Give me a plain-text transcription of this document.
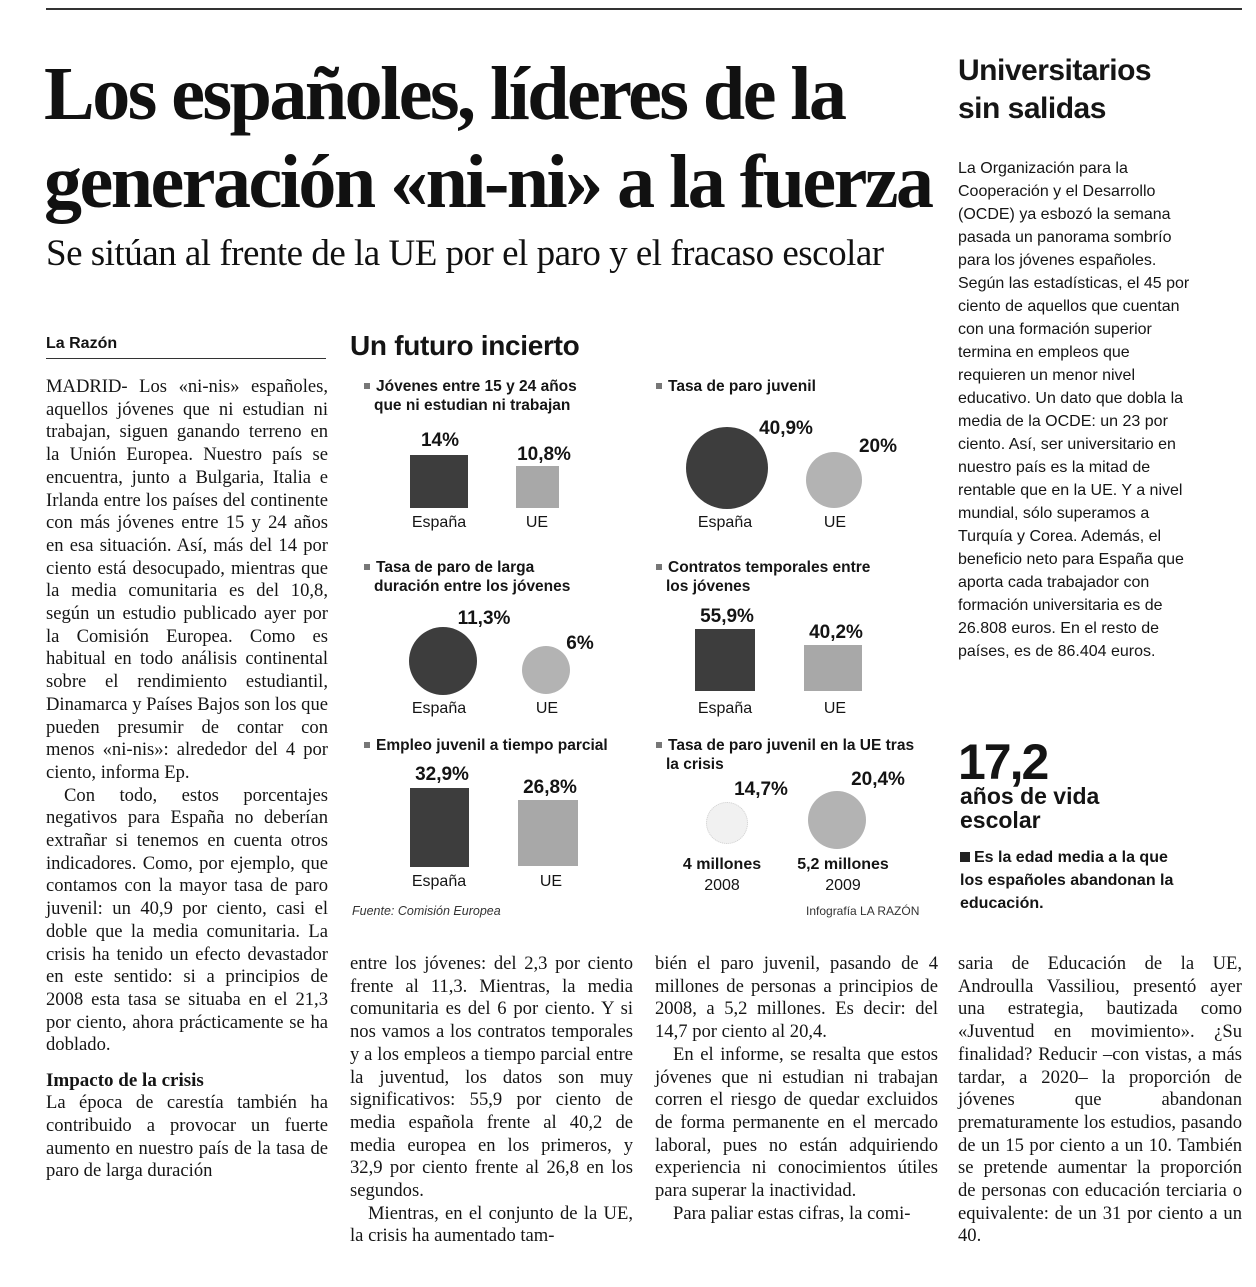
Los españoles, líderes de la
generación «ni-ni» a la fuerza
Se sitúan al frente de la UE por el paro y el fracaso escolar
La Razón

MADRID- Los «ni-nis» españoles, aquellos jóvenes que ni estudian ni trabajan, siguen ganando terreno en la Unión Europea. Nuestro país se encuentra, junto a Bulgaria, Italia e Irlanda entre los países del continente con más jóvenes entre 15 y 24 años en esa situación. Así, más del 14 por ciento está desocupado, mientras que la media comunitaria es del 10,8, según un estudio publicado ayer por la Comisión Europea. Como es habitual en todo análisis continental sobre el rendimiento estudiantil, Dinamarca y Países Bajos son los que pueden presumir de contar con menos «ni-nis»: alrededor del 4 por ciento, informa Ep.

Con todo, estos porcentajes negativos para España no deberían extrañar si tenemos en cuenta otros indicadores. Como, por ejemplo, que contamos con la mayor tasa de paro juvenil: un 40,9 por ciento, casi el doble que la media comunitaria. La crisis ha tenido un efecto devastador en este sentido: si a principios de 2008 esta tasa se situaba en el 21,3 por ciento, ahora prácticamente se ha doblado.

Impacto de la crisis

La época de carestía también ha contribuido a provocar un fuerte aumento en nuestro país de la tasa de paro de larga duración

entre los jóvenes: del 2,3 por ciento frente al 11,3. Mientras, la media comunitaria es del 6 por ciento. Y si nos vamos a los contratos temporales y a los empleos a tiempo parcial entre la juventud, los datos son muy significativos: 55,9 por ciento de media española frente al 40,2 de media europea en los primeros, y 32,9 por ciento frente al 26,8 en los segundos.

Mientras, en el conjunto de la UE, la crisis ha aumentado tam-

bién el paro juvenil, pasando de 4 millones de personas a principios de 2008, a 5,2 millones. Es decir: del 14,7 por ciento al 20,4.

En el informe, se resalta que estos jóvenes que ni estudian ni trabajan corren el riesgo de quedar excluidos de forma permanente en el mercado laboral, pues no están adquiriendo experiencia ni conocimientos útiles para superar la inactividad.

Para paliar estas cifras, la comi-

saria de Educación de la UE, Androulla Vassiliou, presentó ayer una estrategia, bautizada como «Juventud en movimiento». ¿Su finalidad? Reducir –con vistas, a más tardar, a 2020– la proporción de jóvenes que abandonan prematuramente los estudios, pasando de un 15 por ciento a un 10. También se pretende aumentar la proporción de personas con educación terciaria o equivalente: de un 31 por ciento a un 40.

Universitarios
sin salidas
La Organización para la Cooperación y el Desarrollo (OCDE) ya esbozó la semana pasada un panorama sombrío para los jóvenes españoles. Según las estadísticas, el 45 por ciento de aquellos que cuentan con una formación superior termina en empleos que requieren un menor nivel educativo. Un dato que dobla la media de la OCDE: un 23 por ciento. Así, ser universitario en nuestro país es la mitad de rentable que en la UE. Y a nivel mundial, sólo superamos a Turquía y Corea. Además, el beneficio neto para España que aporta cada trabajador con formación universitaria es de 26.808 euros. En el resto de países, es de 86.404 euros.
17,2
años de vida
escolar
Es la edad media a la que los españoles abandonan la educación.
Un futuro incierto
Jóvenes entre 15 y 24 años
que ni estudian ni trabajan
14%
10,8%
España	UE
Tasa de paro juvenil
40,9%
20%
España	UE
Tasa de paro de larga
duración entre los jóvenes
11,3%
6%
España	UE
Contratos temporales entre
los jóvenes
55,9%
40,2%
España	UE
Empleo juvenil a tiempo parcial
32,9%
26,8%
España	UE
Tasa de paro juvenil en la UE tras
la crisis
14,7%	20,4%
4 millones	5,2 millones
2008	2009
Fuente: Comisión Europea	Infografía LA RAZÓN
